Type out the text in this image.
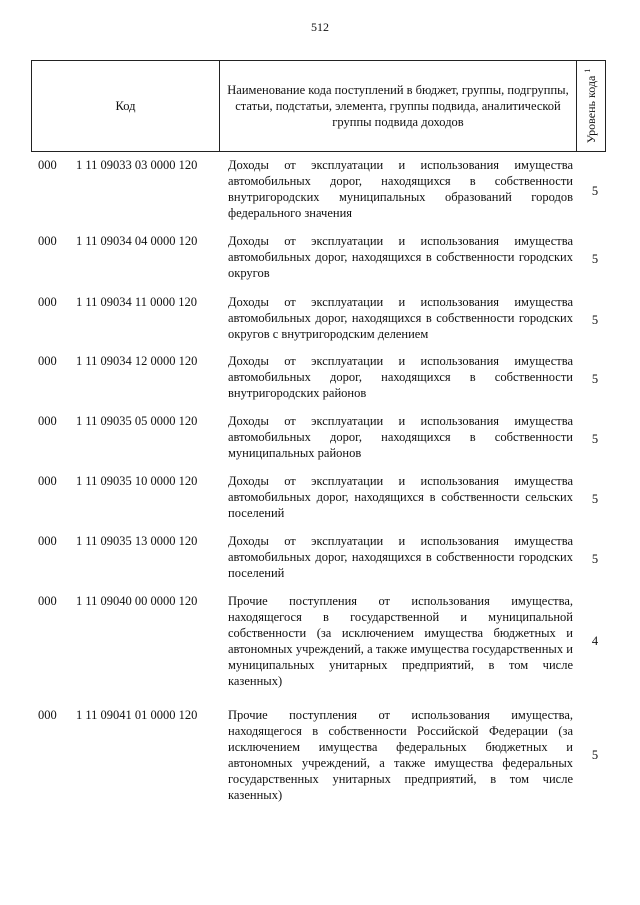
512
Код
Наименование кода поступлений в бюджет, группы, подгруппы, статьи, подстатьи, элемента, группы подвида, аналитической группы подвида доходов	Уровень кода $^1$
000 1 11 09033 03 0000 120 Доходы от эксплуатации и использования имущества автомобильных дорог, находящихся в собственности внутригородских муниципальных образований городов федерального значения
5
000 1 11 09034 04 0000 120 Доходы от эксплуатации и использования имущества автомобильных дорог, находящихся в собственности городских округов
5
000 1 11 09034 11 0000 120 Доходы от эксплуатации и использования имущества автомобильных дорог, находящихся в собственности городских округов с внутригородским делением
5
000 1 11 09034 12 0000 120 Доходы от эксплуатации и использования имущества автомобильных дорог, находящихся в собственности внутригородских районов
5
000 1 11 09035 05 0000 120 Доходы от эксплуатации и использования имущества автомобильных дорог, находящихся в собственности муниципальных районов
5
000 1 11 09035 10 0000 120 Доходы от эксплуатации и использования имущества автомобильных дорог, находящихся в собственности сельских поселений
5
000 1 11 09035 13 0000 120 Доходы от эксплуатации и использования имущества автомобильных дорог, находящихся в собственности городских поселений
5
000 1 11 09040 00 0000 120 Прочие поступления от использования имущества, находящегося в государственной и муниципальной собственности (за исключением имущества бюджетных и автономных учреждений, а также имущества государственных и муниципальных унитарных предприятий, в том числе казенных)
4
000 1 11 09041 01 0000 120 Прочие поступления от использования имущества, находящегося в собственности Российской Федерации (за исключением имущества федеральных бюджетных и автономных учреждений, а также имущества федеральных государственных унитарных предприятий, в том числе казенных)
5
